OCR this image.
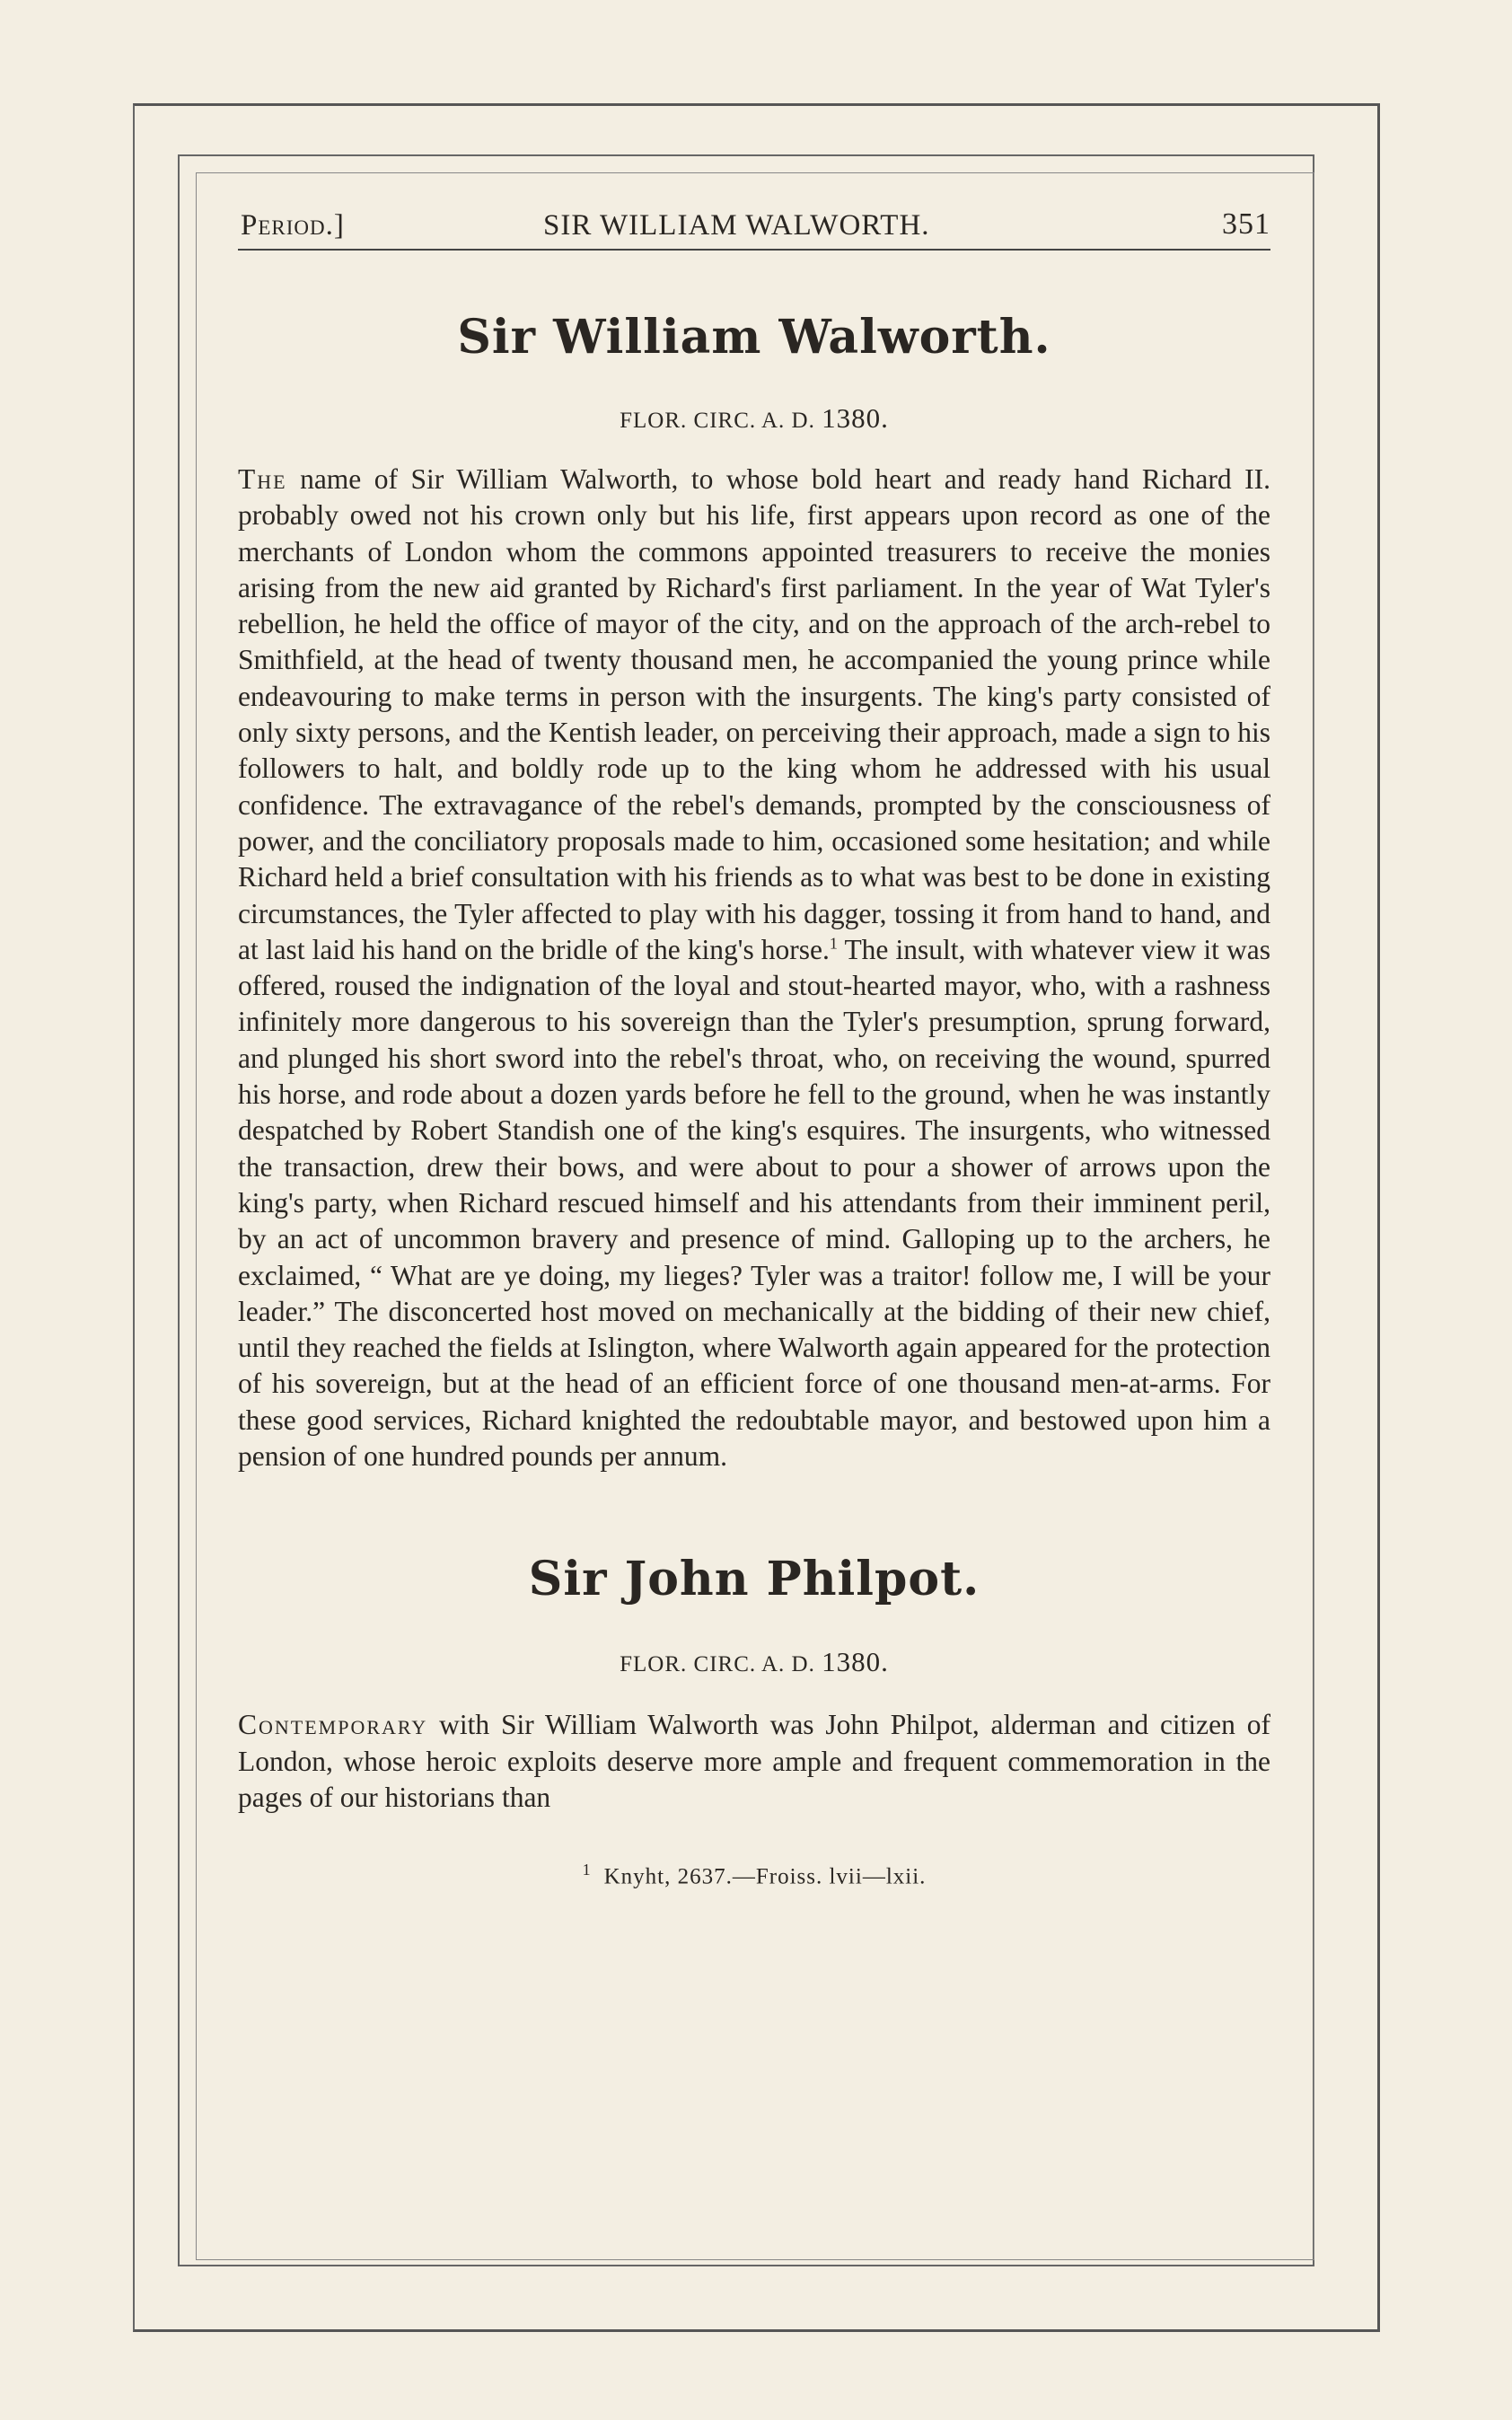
Period.]	SIR WILLIAM WALWORTH.	351
Sir William Walworth.
FLOR. CIRC. A. D. 1380.
The name of Sir William Walworth, to whose bold heart and ready hand Richard II. probably owed not his crown only but his life, first appears upon record as one of the merchants of London whom the commons appointed treasurers to receive the monies arising from the new aid granted by Richard's first parliament. In the year of Wat Tyler's rebellion, he held the office of mayor of the city, and on the approach of the arch-rebel to Smithfield, at the head of twenty thousand men, he accompanied the young prince while endeavouring to make terms in person with the insurgents. The king's party consisted of only sixty persons, and the Kentish leader, on perceiving their approach, made a sign to his followers to halt, and boldly rode up to the king whom he addressed with his usual confidence. The extravagance of the rebel's demands, prompted by the consciousness of power, and the conciliatory proposals made to him, occasioned some hesitation; and while Richard held a brief consultation with his friends as to what was best to be done in existing circumstances, the Tyler affected to play with his dagger, tossing it from hand to hand, and at last laid his hand on the bridle of the king's horse.$^1$ The insult, with whatever view it was offered, roused the indignation of the loyal and stout-hearted mayor, who, with a rashness infinitely more dangerous to his sovereign than the Tyler's presumption, sprung forward, and plunged his short sword into the rebel's throat, who, on receiving the wound, spurred his horse, and rode about a dozen yards before he fell to the ground, when he was instantly despatched by Robert Standish one of the king's esquires. The insurgents, who witnessed the transaction, drew their bows, and were about to pour a shower of arrows upon the king's party, when Richard rescued himself and his attendants from their imminent peril, by an act of uncommon bravery and presence of mind. Galloping up to the archers, he exclaimed, “ What are ye doing, my lieges? Tyler was a traitor! follow me, I will be your leader.” The disconcerted host moved on mechanically at the bidding of their new chief, until they reached the fields at Islington, where Walworth again appeared for the protection of his sovereign, but at the head of an efficient force of one thousand men-at-arms. For these good services, Richard knighted the redoubtable mayor, and bestowed upon him a pension of one hundred pounds per annum.
Sir John Philpot.
FLOR. CIRC. A. D. 1380.
Contemporary with Sir William Walworth was John Philpot, alderman and citizen of London, whose heroic exploits deserve more ample and frequent commemoration in the pages of our historians than
$^1$ Knyht, 2637.—Froiss. lvii—lxii.
